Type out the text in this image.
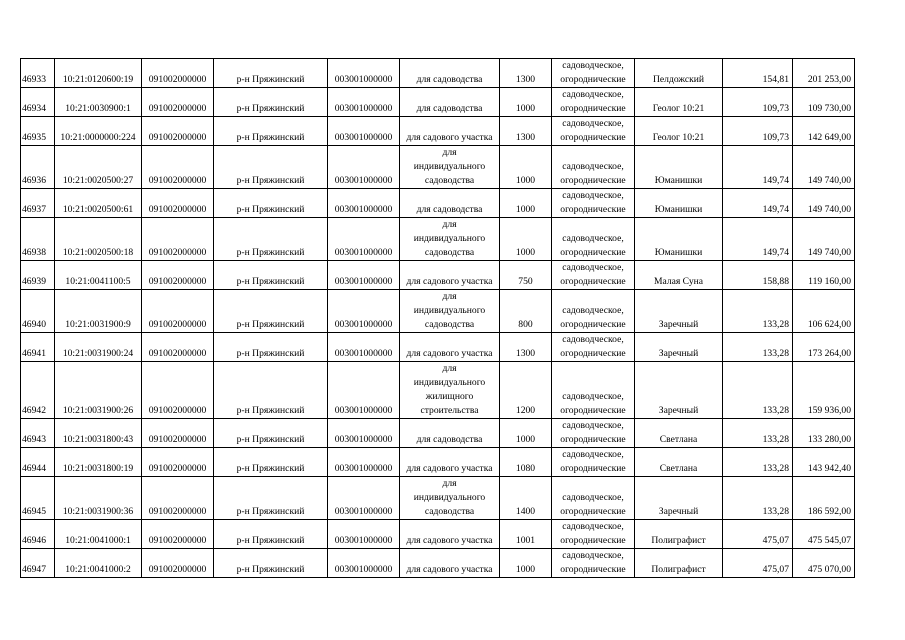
46933	10:21:0120600:19	091002000000	р-н Пряжинский	003001000000	для садоводства	1300	садоводческое,
огороднические	Пелдожский	154,81	201 253,00
46934	10:21:0030900:1	091002000000	р-н Пряжинский	003001000000	для садоводства	1000	садоводческое,
огороднические	Геолог 10:21	109,73	109 730,00
46935	10:21:0000000:224	091002000000	р-н Пряжинский	003001000000	для садового участка	1300	садоводческое,
огороднические	Геолог 10:21	109,73	142 649,00
46936	10:21:0020500:27	091002000000	р-н Пряжинский	003001000000	для
индивидуального
садоводства	1000	садоводческое,
огороднические	Юманишки	149,74	149 740,00
46937	10:21:0020500:61	091002000000	р-н Пряжинский	003001000000	для садоводства	1000	садоводческое,
огороднические	Юманишки	149,74	149 740,00
46938	10:21:0020500:18	091002000000	р-н Пряжинский	003001000000	для
индивидуального
садоводства	1000	садоводческое,
огороднические	Юманишки	149,74	149 740,00
46939	10:21:0041100:5	091002000000	р-н Пряжинский	003001000000	для садового участка	750	садоводческое,
огороднические	Малая Суна	158,88	119 160,00
46940	10:21:0031900:9	091002000000	р-н Пряжинский	003001000000	для
индивидуального
садоводства	800	садоводческое,
огороднические	Заречный	133,28	106 624,00
46941	10:21:0031900:24	091002000000	р-н Пряжинский	003001000000	для садового участка	1300	садоводческое,
огороднические	Заречный	133,28	173 264,00
46942	10:21:0031900:26	091002000000	р-н Пряжинский	003001000000	для
индивидуального
жилищного
строительства	1200	садоводческое,
огороднические	Заречный	133,28	159 936,00
46943	10:21:0031800:43	091002000000	р-н Пряжинский	003001000000	для садоводства	1000	садоводческое,
огороднические	Светлана	133,28	133 280,00
46944	10:21:0031800:19	091002000000	р-н Пряжинский	003001000000	для садового участка	1080	садоводческое,
огороднические	Светлана	133,28	143 942,40
46945	10:21:0031900:36	091002000000	р-н Пряжинский	003001000000	для
индивидуального
садоводства	1400	садоводческое,
огороднические	Заречный	133,28	186 592,00
46946	10:21:0041000:1	091002000000	р-н Пряжинский	003001000000	для садового участка	1001	садоводческое,
огороднические	Полиграфист	475,07	475 545,07
46947	10:21:0041000:2	091002000000	р-н Пряжинский	003001000000	для садового участка	1000	садоводческое,
огороднические	Полиграфист	475,07	475 070,00
